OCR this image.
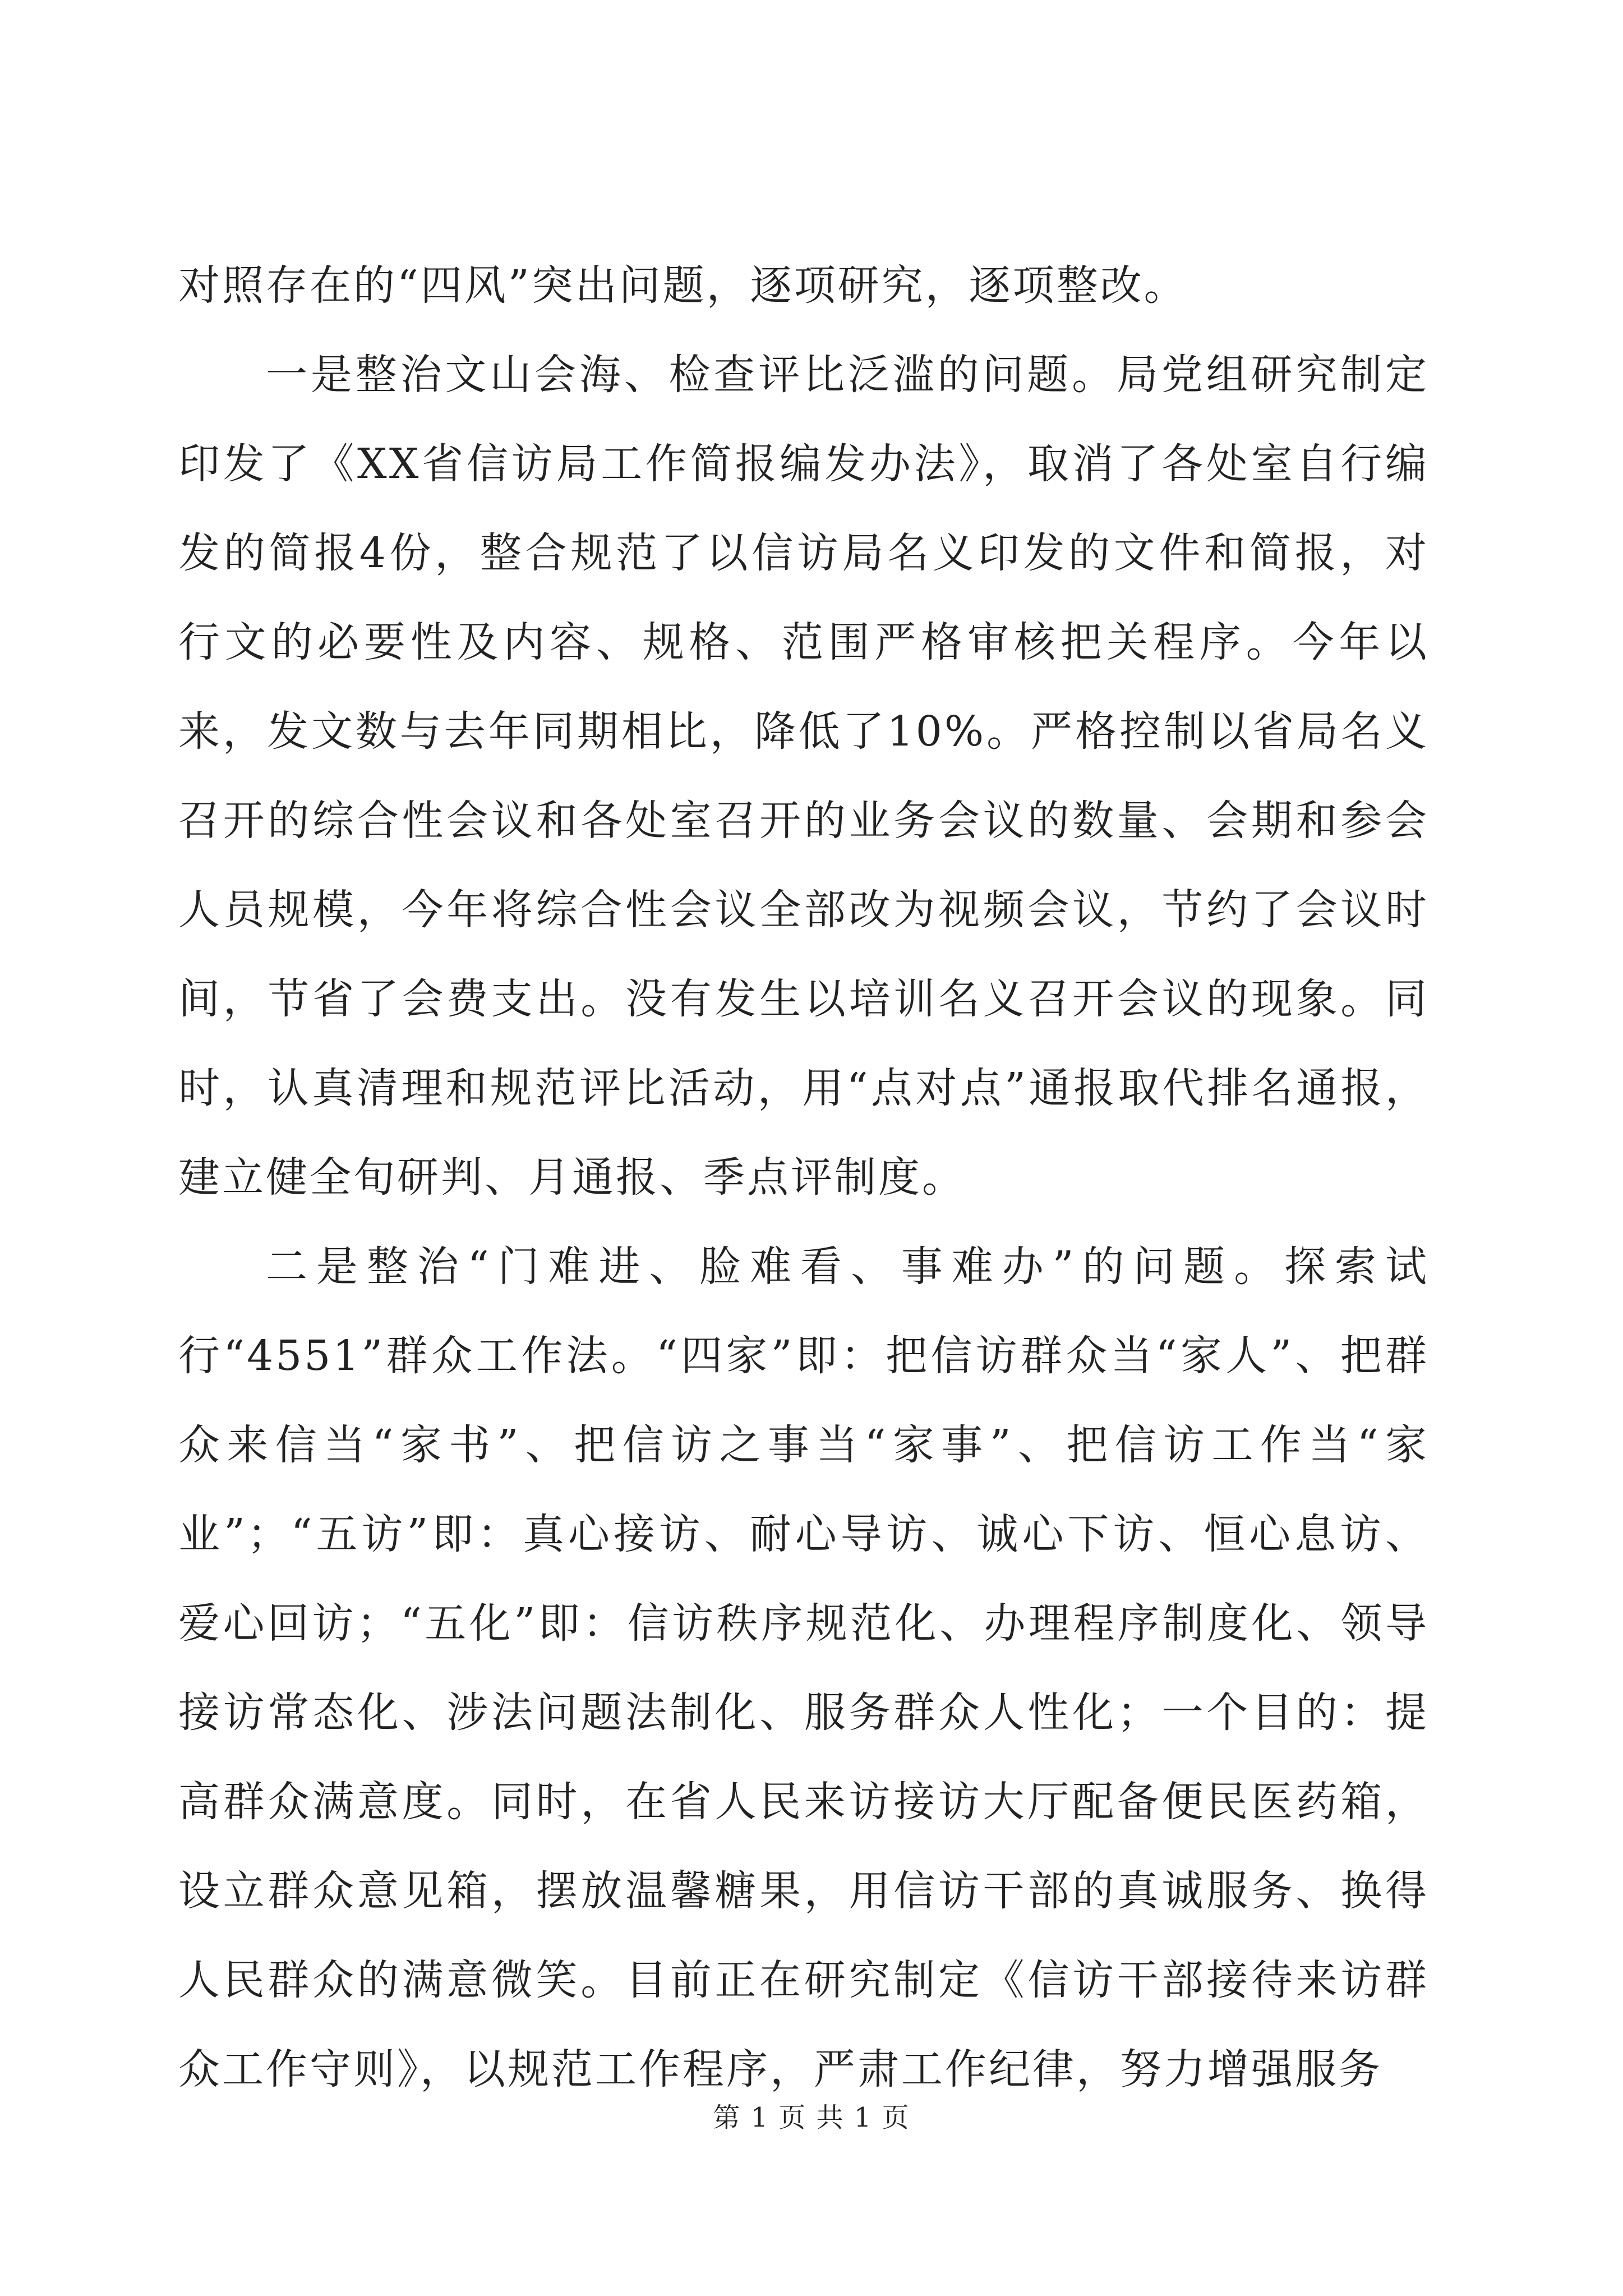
对照存在的“四风”突出问题，逐项研究，逐项整改。

一是整治文山会海、检查评比泛滥的问题。局党组研究制定印发了《XX省信访局工作简报编发办法》，取消了各处室自行编发的简报4份，整合规范了以信访局名义印发的文件和简报，对行文的必要性及内容、规格、范围严格审核把关程序。今年以来，发文数与去年同期相比，降低了10%。严格控制以省局名义召开的综合性会议和各处室召开的业务会议的数量、会期和参会人员规模，今年将综合性会议全部改为视频会议，节约了会议时间，节省了会费支出。没有发生以培训名义召开会议的现象。同时，认真清理和规范评比活动，用“点对点”通报取代排名通报，建立健全旬研判、月通报、季点评制度。

二是整治“门难进、脸难看、事难办”的问题。探索试行“4551”群众工作法。“四家”即：把信访群众当“家人”、把群众来信当“家书”、把信访之事当“家事”、把信访工作当“家业”；“五访”即：真心接访、耐心导访、诚心下访、恒心息访、爱心回访；“五化”即：信访秩序规范化、办理程序制度化、领导接访常态化、涉法问题法制化、服务群众人性化；一个目的：提高群众满意度。同时，在省人民来访接访大厅配备便民医药箱，设立群众意见箱，摆放温馨糖果，用信访干部的真诚服务、换得人民群众的满意微笑。目前正在研究制定《信访干部接待来访群众工作守则》，以规范工作程序，严肃工作纪律，努力增强服务

第 1 页 共 1 页
